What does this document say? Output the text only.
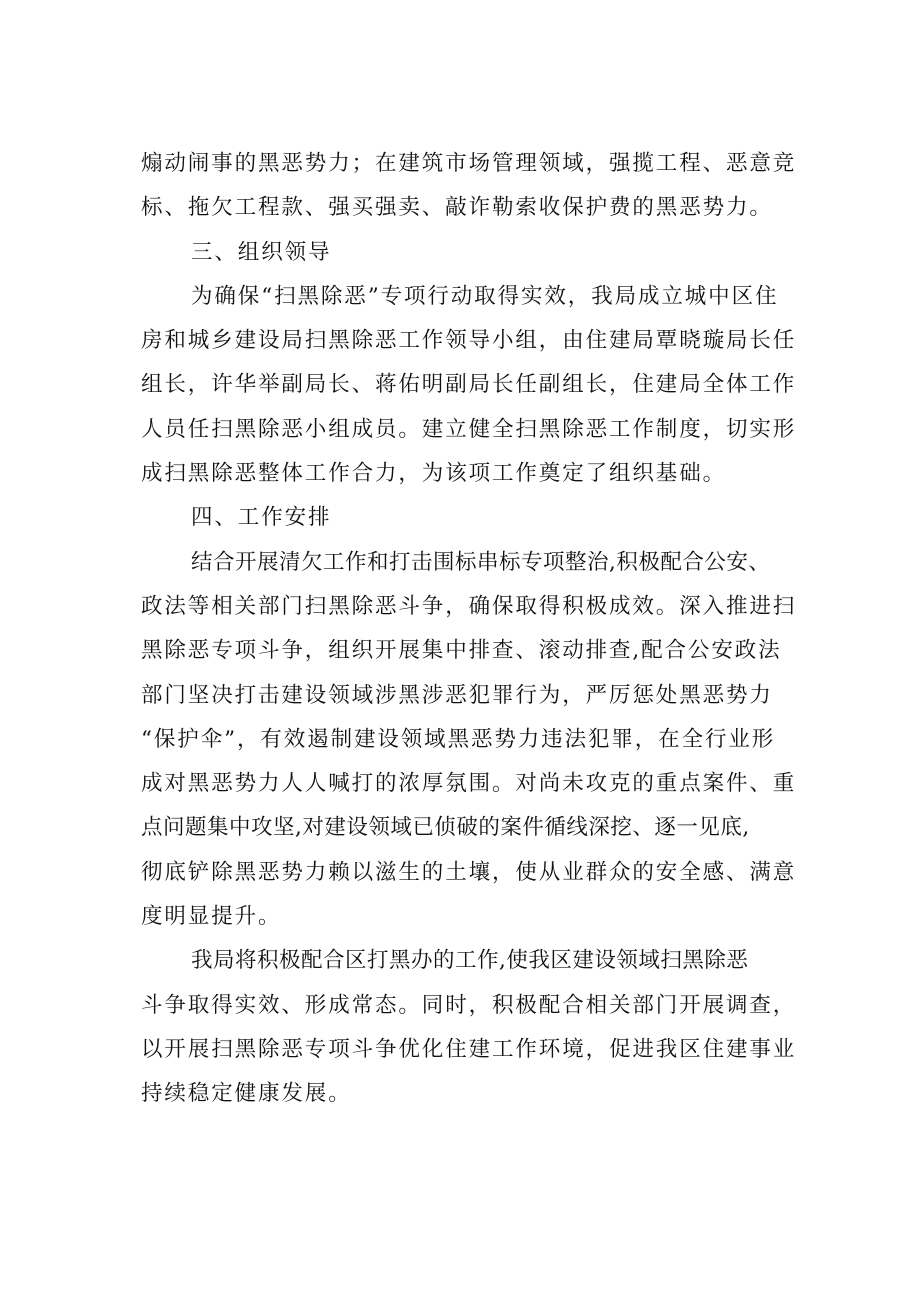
煽动闹事的黑恶势力；在建筑市场管理领域，强揽工程、恶意竞
标、拖欠工程款、强买强卖、敲诈勒索收保护费的黑恶势力。
三、组织领导
为确保“扫黑除恶”专项行动取得实效，我局成立城中区住
房和城乡建设局扫黑除恶工作领导小组，由住建局覃晓璇局长任
组长，许华举副局长、蒋佑明副局长任副组长，住建局全体工作
人员任扫黑除恶小组成员。建立健全扫黑除恶工作制度，切实形
成扫黑除恶整体工作合力，为该项工作奠定了组织基础。
四、工作安排
结合开展清欠工作和打击围标串标专项整治,积极配合公安、
政法等相关部门扫黑除恶斗争，确保取得积极成效。深入推进扫
黑除恶专项斗争，组织开展集中排查、滚动排查,配合公安政法
部门坚决打击建设领域涉黑涉恶犯罪行为，严厉惩处黑恶势力
“保护伞”，有效遏制建设领域黑恶势力违法犯罪，在全行业形
成对黑恶势力人人喊打的浓厚氛围。对尚未攻克的重点案件、重
点问题集中攻坚,对建设领域已侦破的案件循线深挖、逐一见底,
彻底铲除黑恶势力赖以滋生的土壤，使从业群众的安全感、满意
度明显提升。
我局将积极配合区打黑办的工作,使我区建设领域扫黑除恶
斗争取得实效、形成常态。同时，积极配合相关部门开展调查，
以开展扫黑除恶专项斗争优化住建工作环境，促进我区住建事业
持续稳定健康发展。
